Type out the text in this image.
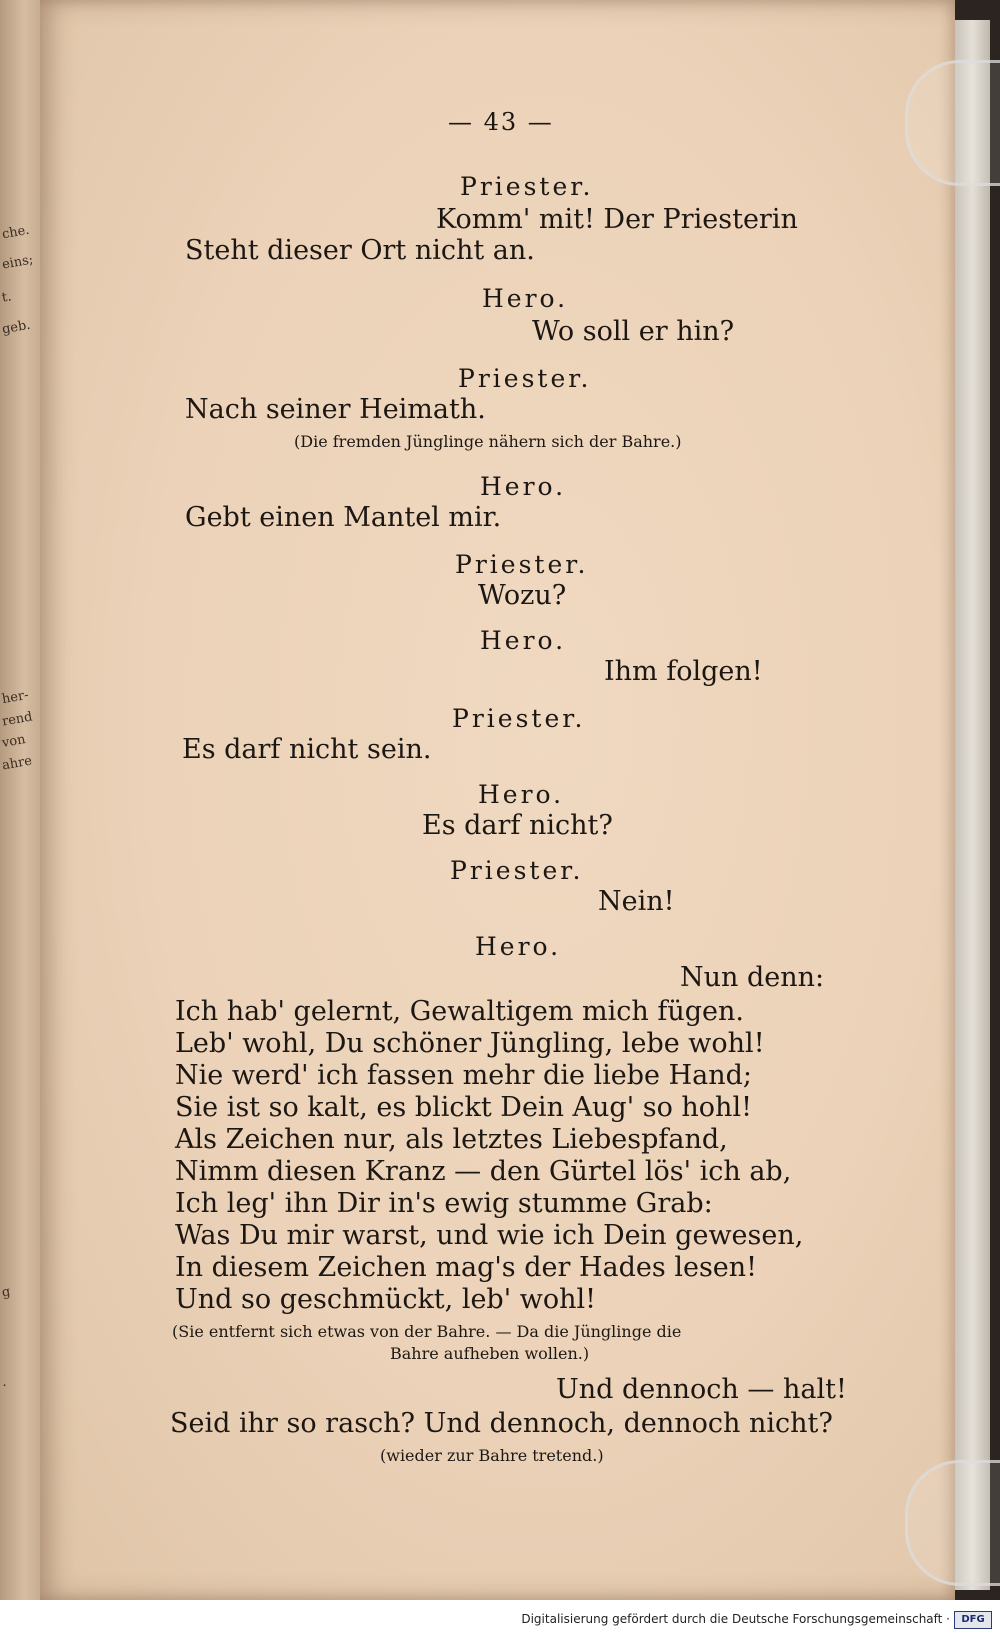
che.
eins;
t.
geb.
her-
rend
von
ahre
g
.
— 43 —
Priester.
Komm' mit! Der Priesterin
Steht dieser Ort nicht an.
Hero.
Wo soll er hin?
Priester.
Nach seiner Heimath.
(Die fremden Jünglinge nähern sich der Bahre.)
Hero.
Gebt einen Mantel mir.
Priester.
Wozu?
Hero.
Ihm folgen!
Priester.
Es darf nicht sein.
Hero.
Es darf nicht?
Priester.
Nein!
Hero.
Nun denn:
Ich hab' gelernt, Gewaltigem mich fügen.
Leb' wohl, Du schöner Jüngling, lebe wohl!
Nie werd' ich fassen mehr die liebe Hand;
Sie ist so kalt, es blickt Dein Aug' so hohl!
Als Zeichen nur, als letztes Liebespfand,
Nimm diesen Kranz — den Gürtel lös' ich ab,
Ich leg' ihn Dir in's ewig stumme Grab:
Was Du mir warst, und wie ich Dein gewesen,
In diesem Zeichen mag's der Hades lesen!
Und so geschmückt, leb' wohl!
(Sie entfernt sich etwas von der Bahre. — Da die Jünglinge die
Bahre aufheben wollen.)
Und dennoch — halt!
Seid ihr so rasch? Und dennoch, dennoch nicht?
(wieder zur Bahre tretend.)
Digitalisierung gefördert durch die Deutsche Forschungsgemeinschaft ·	DFG
